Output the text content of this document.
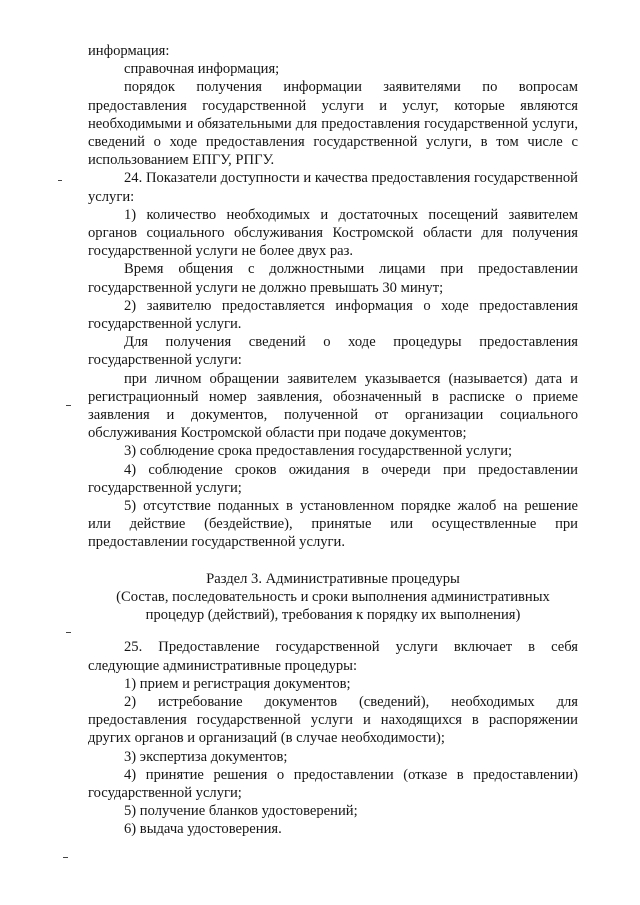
информация:

справочная информация;

порядок получения информации заявителями по вопросам предоставления государственной услуги и услуг, которые являются необходимыми и обязательными для предоставления государственной услуги, сведений о ходе предоставления государственной услуги, в том числе с использованием ЕПГУ, РПГУ.

24. Показатели доступности и качества предоставления государственной услуги:

1) количество необходимых и достаточных посещений заявителем органов социального обслуживания Костромской области для получения государственной услуги не более двух раз.

Время общения с должностными лицами при предоставлении государственной услуги не должно превышать 30 минут;

2) заявителю предоставляется информация о ходе предоставления государственной услуги.

Для получения сведений о ходе процедуры предоставления государственной услуги:

при личном обращении заявителем указывается (называется) дата и регистрационный номер заявления, обозначенный в расписке о приеме заявления и документов, полученной от организации социального обслуживания Костромской области при подаче документов;

3) соблюдение срока предоставления государственной услуги;

4) соблюдение сроков ожидания в очереди при предоставлении государственной услуги;

5) отсутствие поданных в установленном порядке жалоб на решение или действие (бездействие), принятые или осуществленные при предоставлении государственной услуги.

Раздел 3. Административные процедуры

(Состав, последовательность и сроки выполнения административных процедур (действий), требования к порядку их выполнения)

25. Предоставление государственной услуги включает в себя следующие административные процедуры:

1) прием и регистрация документов;

2) истребование документов (сведений), необходимых для предоставления государственной услуги и находящихся в распоряжении других органов и организаций (в случае необходимости);

3) экспертиза документов;

4) принятие решения о предоставлении (отказе в предоставлении) государственной услуги;

5) получение бланков удостоверений;

6) выдача удостоверения.
